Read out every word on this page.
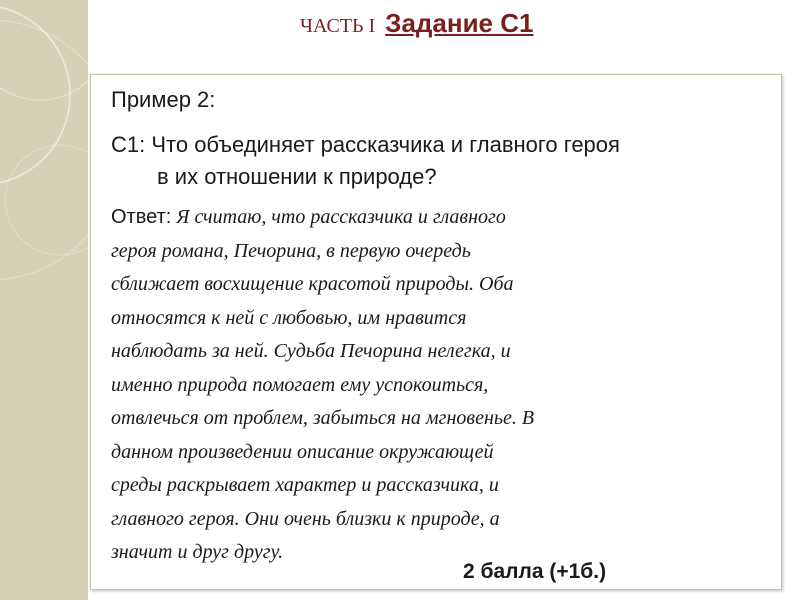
ЧАСТЬ I Задание С1
Пример 2:
С1: Что объединяет рассказчика и главного героя
в их отношении к природе?
Ответ: Я считаю, что рассказчика и главного
героя романа, Печорина, в первую очередь
сближает восхищение красотой природы. Оба
относятся к ней с любовью, им нравится
наблюдать за ней. Судьба Печорина нелегка, и
именно природа помогает ему успокоиться,
отвлечься от проблем, забыться на мгновенье. В
данном произведении описание окружающей
среды раскрывает характер и рассказчика, и
главного героя. Они очень близки к природе, а
значит и друг другу.
2 балла (+1б.)
